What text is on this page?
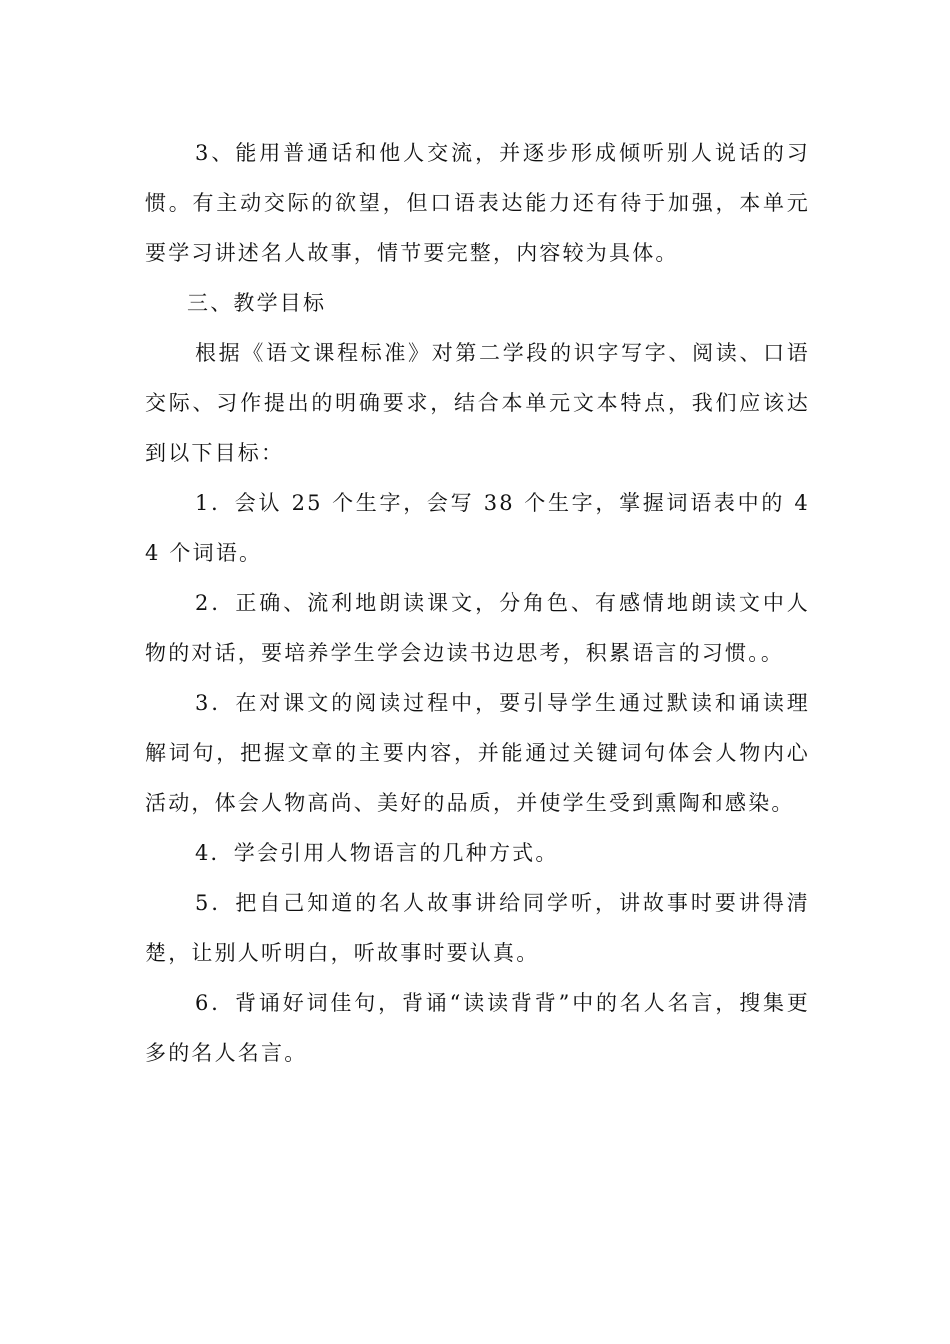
3、能用普通话和他人交流，并逐步形成倾听别人说话的习惯。有主动交际的欲望，但口语表达能力还有待于加强，本单元要学习讲述名人故事，情节要完整，内容较为具体。

三、教学目标

根据《语文课程标准》对第二学段的识字写字、阅读、口语交际、习作提出的明确要求，结合本单元文本特点，我们应该达到以下目标：

1．会认 25 个生字，会写 38 个生字，掌握词语表中的 44 个词语。

2．正确、流利地朗读课文，分角色、有感情地朗读文中人物的对话，要培养学生学会边读书边思考，积累语言的习惯。。

3．在对课文的阅读过程中，要引导学生通过默读和诵读理解词句，把握文章的主要内容，并能通过关键词句体会人物内心活动，体会人物高尚、美好的品质，并使学生受到熏陶和感染。

4．学会引用人物语言的几种方式。

5．把自己知道的名人故事讲给同学听，讲故事时要讲得清楚，让别人听明白，听故事时要认真。

6．背诵好词佳句，背诵“读读背背”中的名人名言，搜集更多的名人名言。
